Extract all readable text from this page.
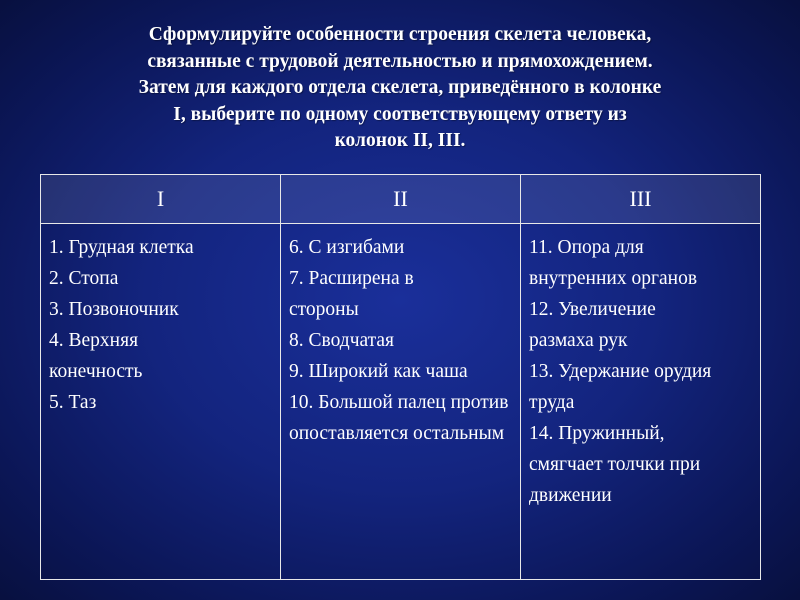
Сформулируйте особенности строения скелета человека,
связанные с трудовой деятельностью и прямохождением.
Затем для каждого отдела скелета, приведённого в колонке
I, выберите по одному соответствующему ответу из
колонок II, III.
I	II	III

1. Грудная клетка
2. Стопа
3. Позвоночник
4. Верхняя конечность
5. Таз	6. С изгибами
7. Расширена в стороны
8. Сводчатая
9. Широкий как чаша
10. Большой палец противопоставляется остальным	11. Опора для внутренних органов
12. Увеличение размаха рук
13. Удержание орудия труда
14. Пружинный, смягчает толчки при движении
